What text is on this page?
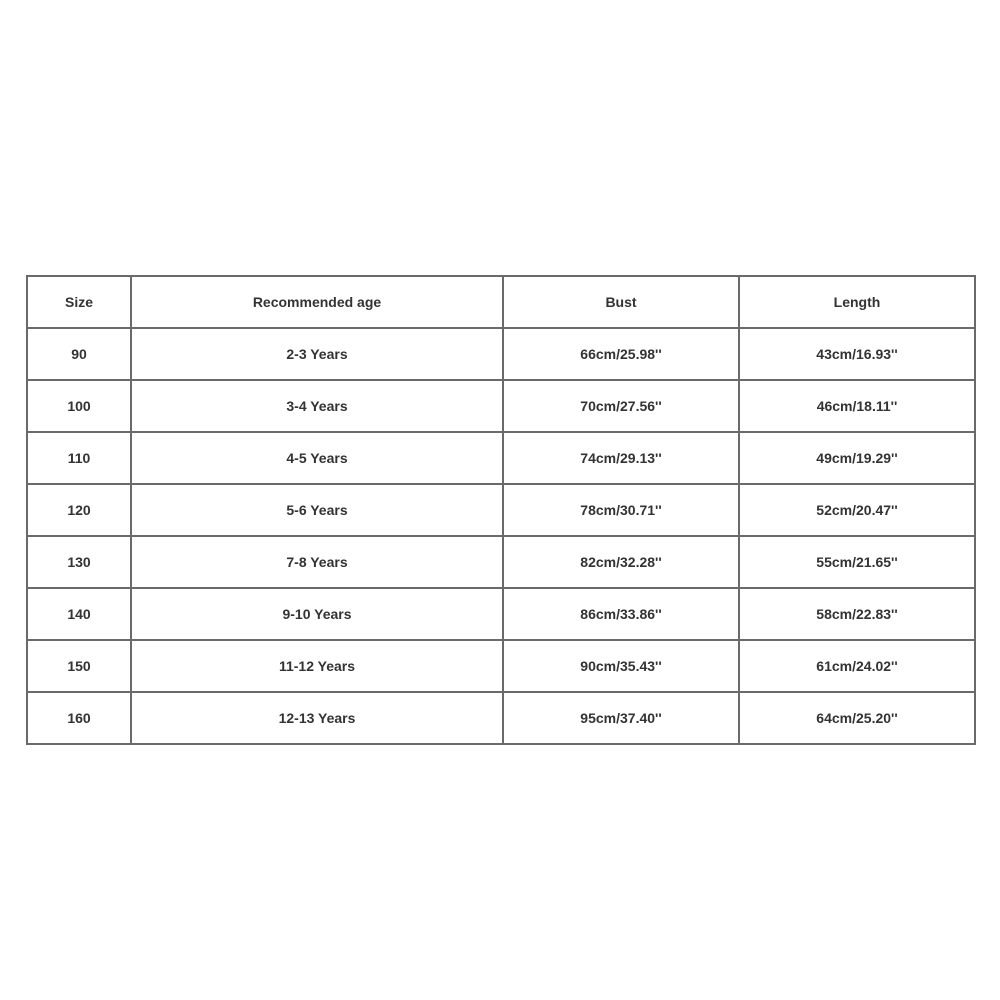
Size	Recommended age	Bust	Length
90	2-3 Years	66cm/25.98''	43cm/16.93''
100	3-4 Years	70cm/27.56''	46cm/18.11''
110	4-5 Years	74cm/29.13''	49cm/19.29''
120	5-6 Years	78cm/30.71''	52cm/20.47''
130	7-8 Years	82cm/32.28''	55cm/21.65''
140	9-10 Years	86cm/33.86''	58cm/22.83''
150	11-12 Years	90cm/35.43''	61cm/24.02''
160	12-13 Years	95cm/37.40''	64cm/25.20''
